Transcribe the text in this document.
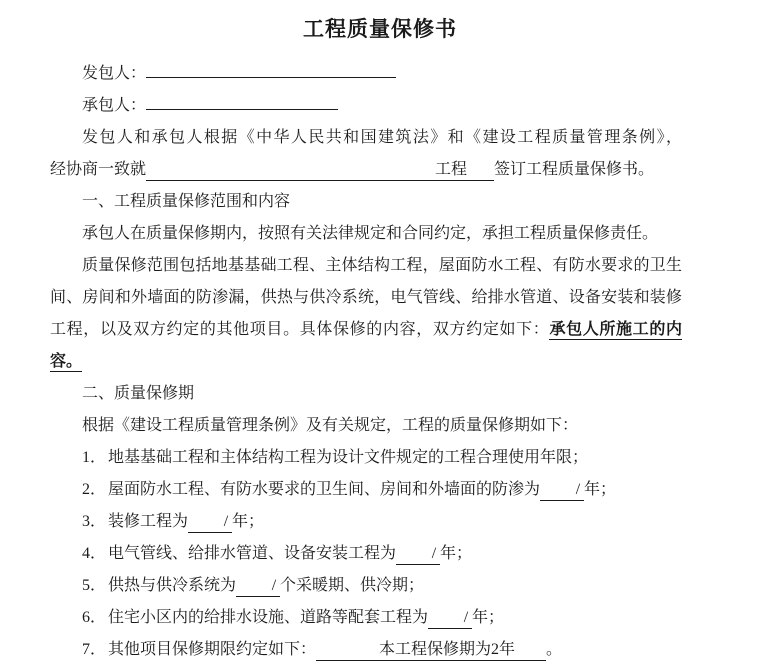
工程质量保修书

发包人：

承包人：

发包人和承包人根据《中华人民共和国建筑法》和《建设工程质量管理条例》，
经协商一致就	工程 签订工程质量保修书。

一、工程质量保修范围和内容

承包人在质量保修期内，按照有关法律规定和合同约定，承担工程质量保修责任。

质量保修范围包括地基基础工程、主体结构工程，屋面防水工程、有防水要求的卫生间、房间和外墙面的防渗漏，供热与供冷系统，电气管线、给排水管道、设备安装和装修工程，以及双方约定的其他项目。具体保修的内容，双方约定如下：承包人所施工的内容。

二、质量保修期

根据《建设工程质量管理条例》及有关规定，工程的质量保修期如下：

1． 地基基础工程和主体结构工程为设计文件规定的工程合理使用年限；

2． 屋面防水工程、有防水要求的卫生间、房间和外墙面的防渗为 / 年；

3． 装修工程为 / 年；

4． 电气管线、给排水管道、设备安装工程为 / 年；

5． 供热与供冷系统为 / 个采暖期、供冷期；

6． 住宅小区内的给排水设施、道路等配套工程为 / 年；

7． 其他项目保修期限约定如下：	本工程保修期为2年 。
